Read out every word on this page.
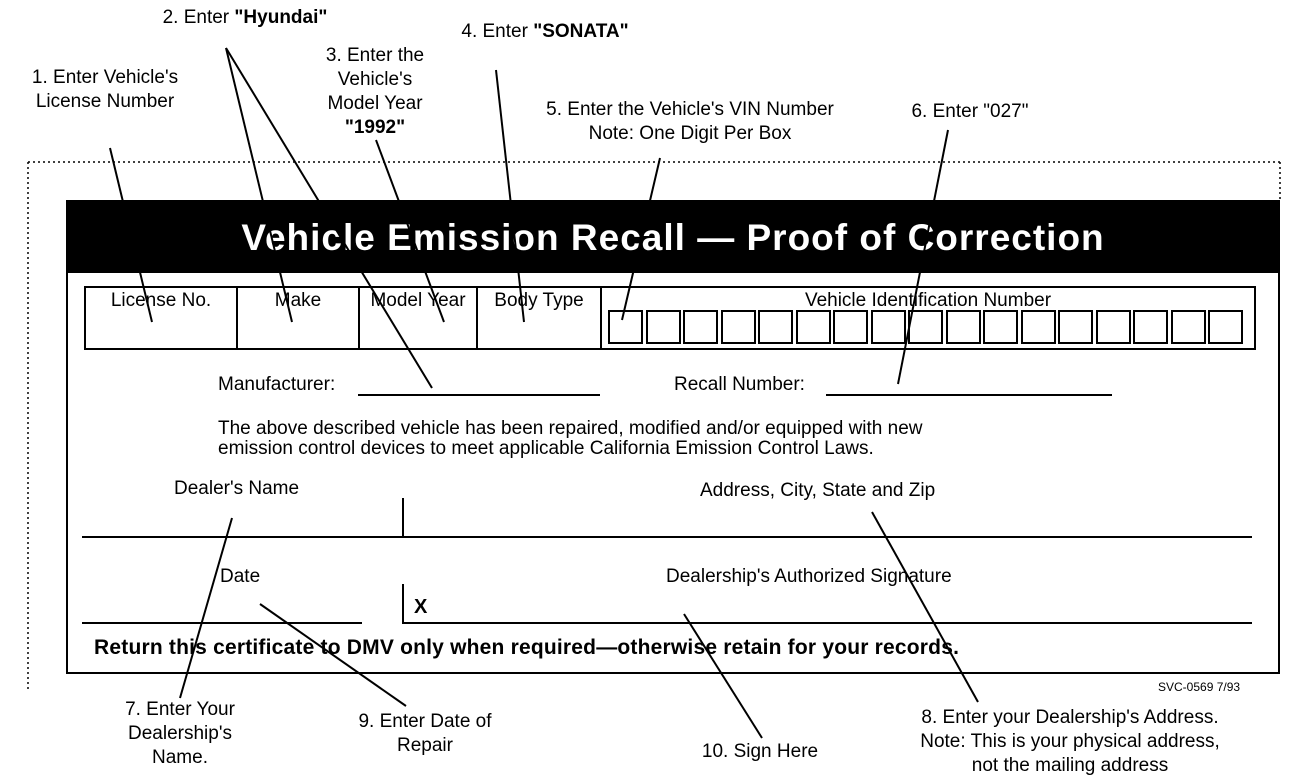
1. Enter Vehicle's
License Number
2. Enter "Hyundai"
3. Enter the
Vehicle's
Model Year
"1992"
4. Enter "SONATA"
5. Enter the Vehicle's VIN Number
Note: One Digit Per Box
6. Enter "027"
Vehicle Emission Recall — Proof of Correction
License No.	Make	Model Year	Body Type	Vehicle Identification Number
Manufacturer:	Recall Number:
The above described vehicle has been repaired, modified and/or equipped with new
emission control devices to meet applicable California Emission Control Laws.
Dealer's Name	Address, City, State and Zip
Date	Dealership's Authorized Signature
X
Return this certificate to DMV only when required—otherwise retain for your records.
SVC-0569 7/93
7. Enter Your
Dealership's
Name.
9. Enter Date of
Repair	10. Sign Here
8. Enter your Dealership's Address.
Note: This is your physical address,
not the mailing address
